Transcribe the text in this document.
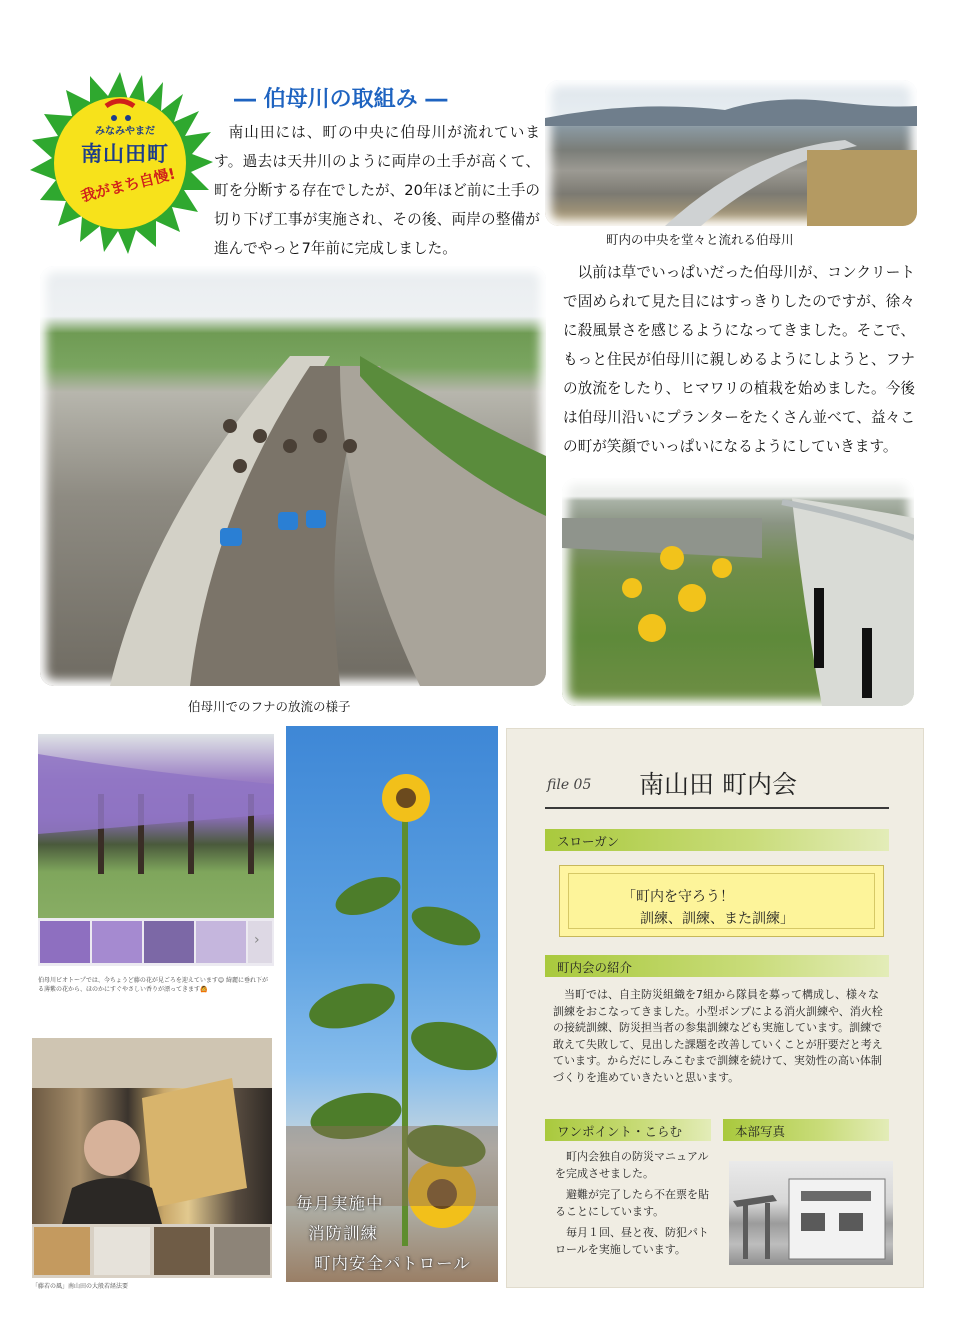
みなみやまだ
南山田町
我がまち自慢!
― 伯母川の取組み ―

南山田には、町の中央に伯母川が流れています。過去は天井川のように両岸の土手が高くて、町を分断する存在でしたが、20年ほど前に土手の切り下げ工事が実施され、その後、両岸の整備が進んでやっと7年前に完成しました。

町内の中央を堂々と流れる伯母川
伯母川でのフナの放流の様子

以前は草でいっぱいだった伯母川が、コンクリートで固められて見た目にはすっきりしたのですが、徐々に殺風景さを感じるようになってきました。そこで、もっと住民が伯母川に親しめるようにしようと、フナの放流をしたり、ヒマワリの植栽を始めました。今後は伯母川沿いにプランターをたくさん並べて、益々この町が笑顔でいっぱいになるようにしていきます。

›
伯母川ビオトープでは、今ちょうど藤の花が見ごろを迎えています😊 綺麗に垂れ下がる薄紫の花から、ほのかにすぐやさしい香りが漂ってきます🙆
「藤若の風」南山田の大般若経法要
毎月実施中
消防訓練
町内安全パトロール
file 05 南山田 町内会
スローガン
「町内を守ろう！
訓練、訓練、また訓練」
町内会の紹介

当町では、自主防災組織を7組から隊員を募って構成し、様々な訓練をおこなってきました。小型ポンプによる消火訓練や、消火栓の接続訓練、防災担当者の参集訓練なども実施しています。訓練で敢えて失敗して、見出した課題を改善していくことが肝要だと考えています。からだにしみこむまで訓練を続けて、実効性の高い体制づくりを進めていきたいと思います。

ワンポイント・こらむ	本部写真

町内会独自の防災マニュアルを完成させました。

避難が完了したら不在票を貼ることにしています。

毎月１回、昼と夜、防犯パトロールを実施しています。
